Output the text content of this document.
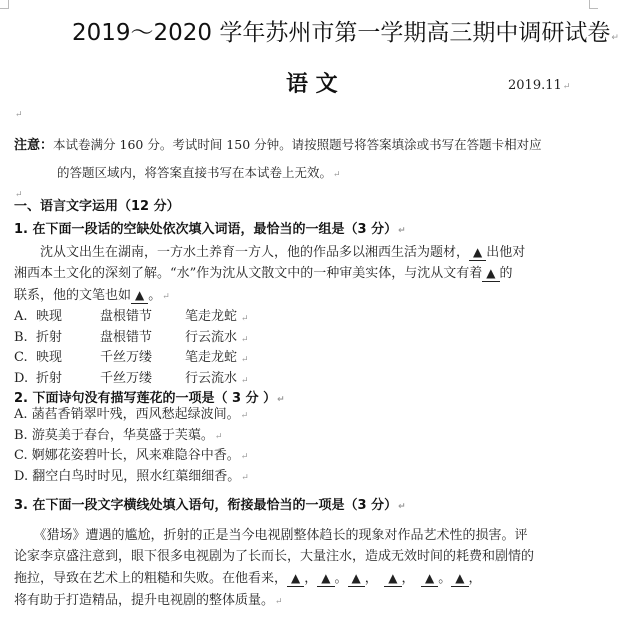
2019～2020 学年苏州市第一学期高三期中调研试卷↵
语 文	2019.11↵
↵
注意：本试卷满分 160 分。考试时间 150 分钟。请按照题号将答案填涂或书写在答题卡相对应
的答题区域内，将答案直接书写在本试卷上无效。↵
↵
一、语言文字运用（12 分）
1. 在下面一段话的空缺处依次填入词语，最恰当的一组是（3 分）↵
　　沈从文出生在湖南，一方水土养育一方人，他的作品多以湘西生活为题材， ▲ 出他对
湘西本土文化的深刻了解。“水”作为沈从文散文中的一种审美实体，与沈从文有着 ▲ 的
联系，他的文笔也如 ▲ 。↵
A. 映现	盘根错节	笔走龙蛇 ↵
B. 折射	盘根错节	行云流水 ↵
C. 映现	千丝万缕	笔走龙蛇 ↵
D. 折射	千丝万缕	行云流水 ↵
2. 下面诗句没有描写莲花的一项是（ 3 分 ）↵
A. 菡萏香销翠叶残，西风愁起绿波间。↵
B. 游莫美于春台，华莫盛于芙蕖。↵
C. 婀娜花姿碧叶长，风来难隐谷中香。↵
D. 翻空白鸟时时见，照水红蕖细细香。↵
3. 在下面一段文字横线处填入语句，衔接最恰当的一项是（3 分）↵
　　《猎场》遭遇的尴尬，折射的正是当今电视剧整体趋长的现象对作品艺术性的损害。评
论家李京盛注意到，眼下很多电视剧为了长而长，大量注水，造成无效时间的耗费和剧情的
拖拉，导致在艺术上的粗糙和失败。在他看来， ▲ ， ▲ 。 ▲ ，　▲ ，　▲ 。 ▲ ，
将有助于打造精品，提升电视剧的整体质量。↵
